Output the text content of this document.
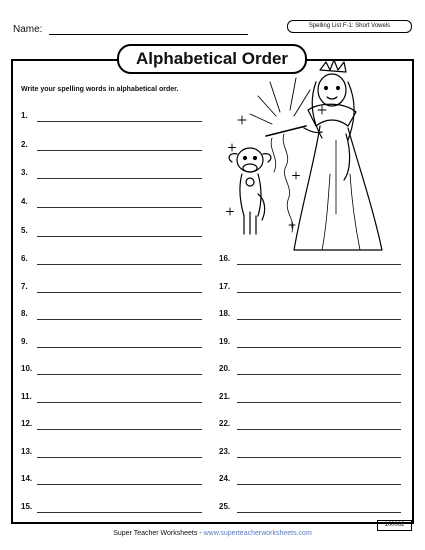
Name:	Spelling List F-1: Short Vowels
Alphabetical Order
Write your spelling words in alphabetical order.
1.
2.
3.
4.
5.
6.
7.
8.
9.
10.
11.
12.
13.
14.
15.
16.
17.
18.
19.
20.
21.
22.
23.
24.
25.
Super Teacher Worksheets - www.superteacherworksheets.com
100062
